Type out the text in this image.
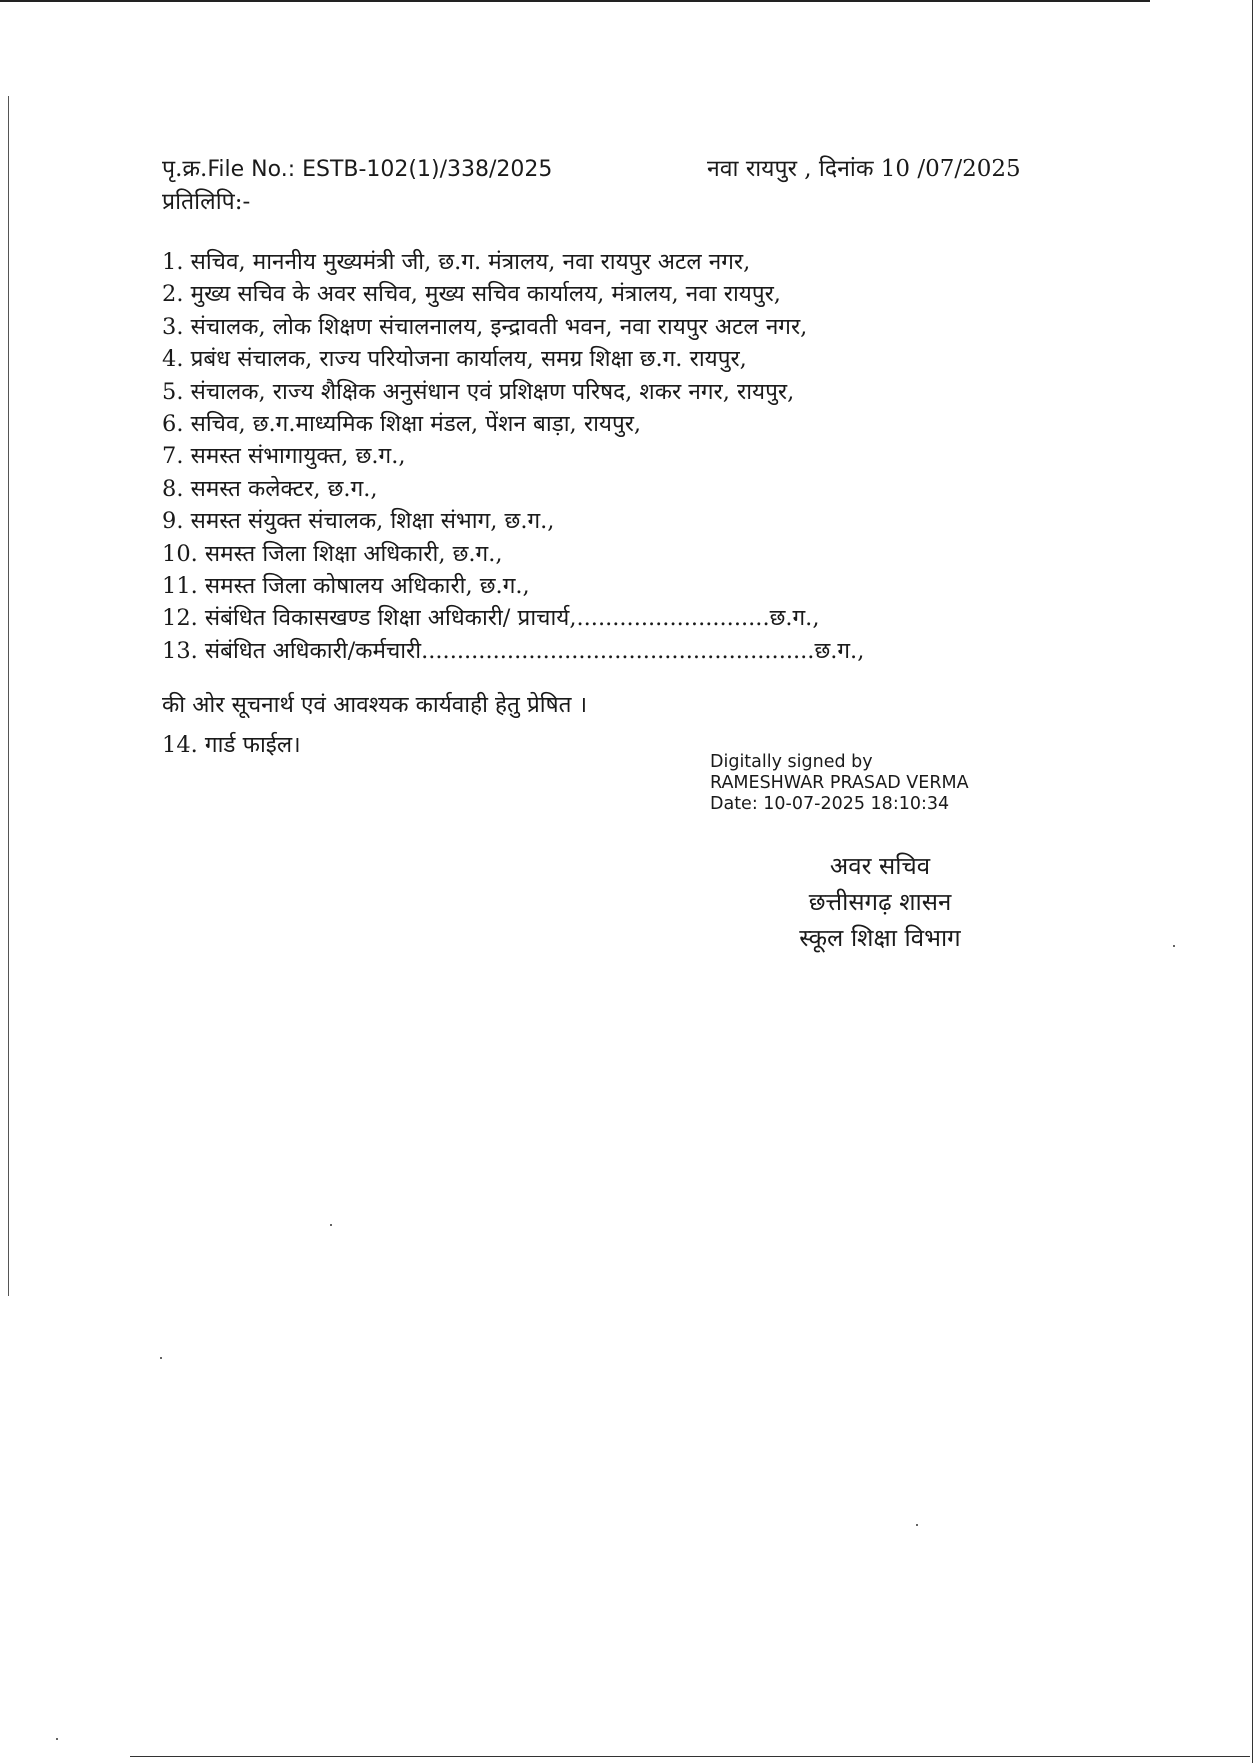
पृ.क्र.File No.: ESTB-102(1)/338/2025	नवा रायपुर , दिनांक 10 /07/2025
प्रतिलिपि:-
1. सचिव, माननीय मुख्यमंत्री जी, छ.ग. मंत्रालय, नवा रायपुर अटल नगर,
2. मुख्य सचिव के अवर सचिव, मुख्य सचिव कार्यालय, मंत्रालय, नवा रायपुर,
3. संचालक, लोक शिक्षण संचालनालय, इन्द्रावती भवन, नवा रायपुर अटल नगर,
4. प्रबंध संचालक, राज्य परियोजना कार्यालय, समग्र शिक्षा छ.ग. रायपुर,
5. संचालक, राज्य शैक्षिक अनुसंधान एवं प्रशिक्षण परिषद, शकर नगर, रायपुर,
6. सचिव, छ.ग.माध्यमिक शिक्षा मंडल, पेंशन बाड़ा, रायपुर,
7. समस्त संभागायुक्त, छ.ग.,
8. समस्त कलेक्टर, छ.ग.,
9. समस्त संयुक्त संचालक, शिक्षा संभाग, छ.ग.,
10. समस्त जिला शिक्षा अधिकारी, छ.ग.,
11. समस्त जिला कोषालय अधिकारी, छ.ग.,
12. संबंधित विकासखण्ड शिक्षा अधिकारी/ प्राचार्य,...........................छ.ग.,
13. संबंधित अधिकारी/कर्मचारी.......................................................छ.ग.,
की ओर सूचनार्थ एवं आवश्यक कार्यवाही हेतु प्रेषित ।
14. गार्ड फाईल।
Digitally signed by
RAMESHWAR PRASAD VERMA
Date: 10-07-2025 18:10:34
अवर सचिव
छत्तीसगढ़ शासन
स्कूल शिक्षा विभाग
